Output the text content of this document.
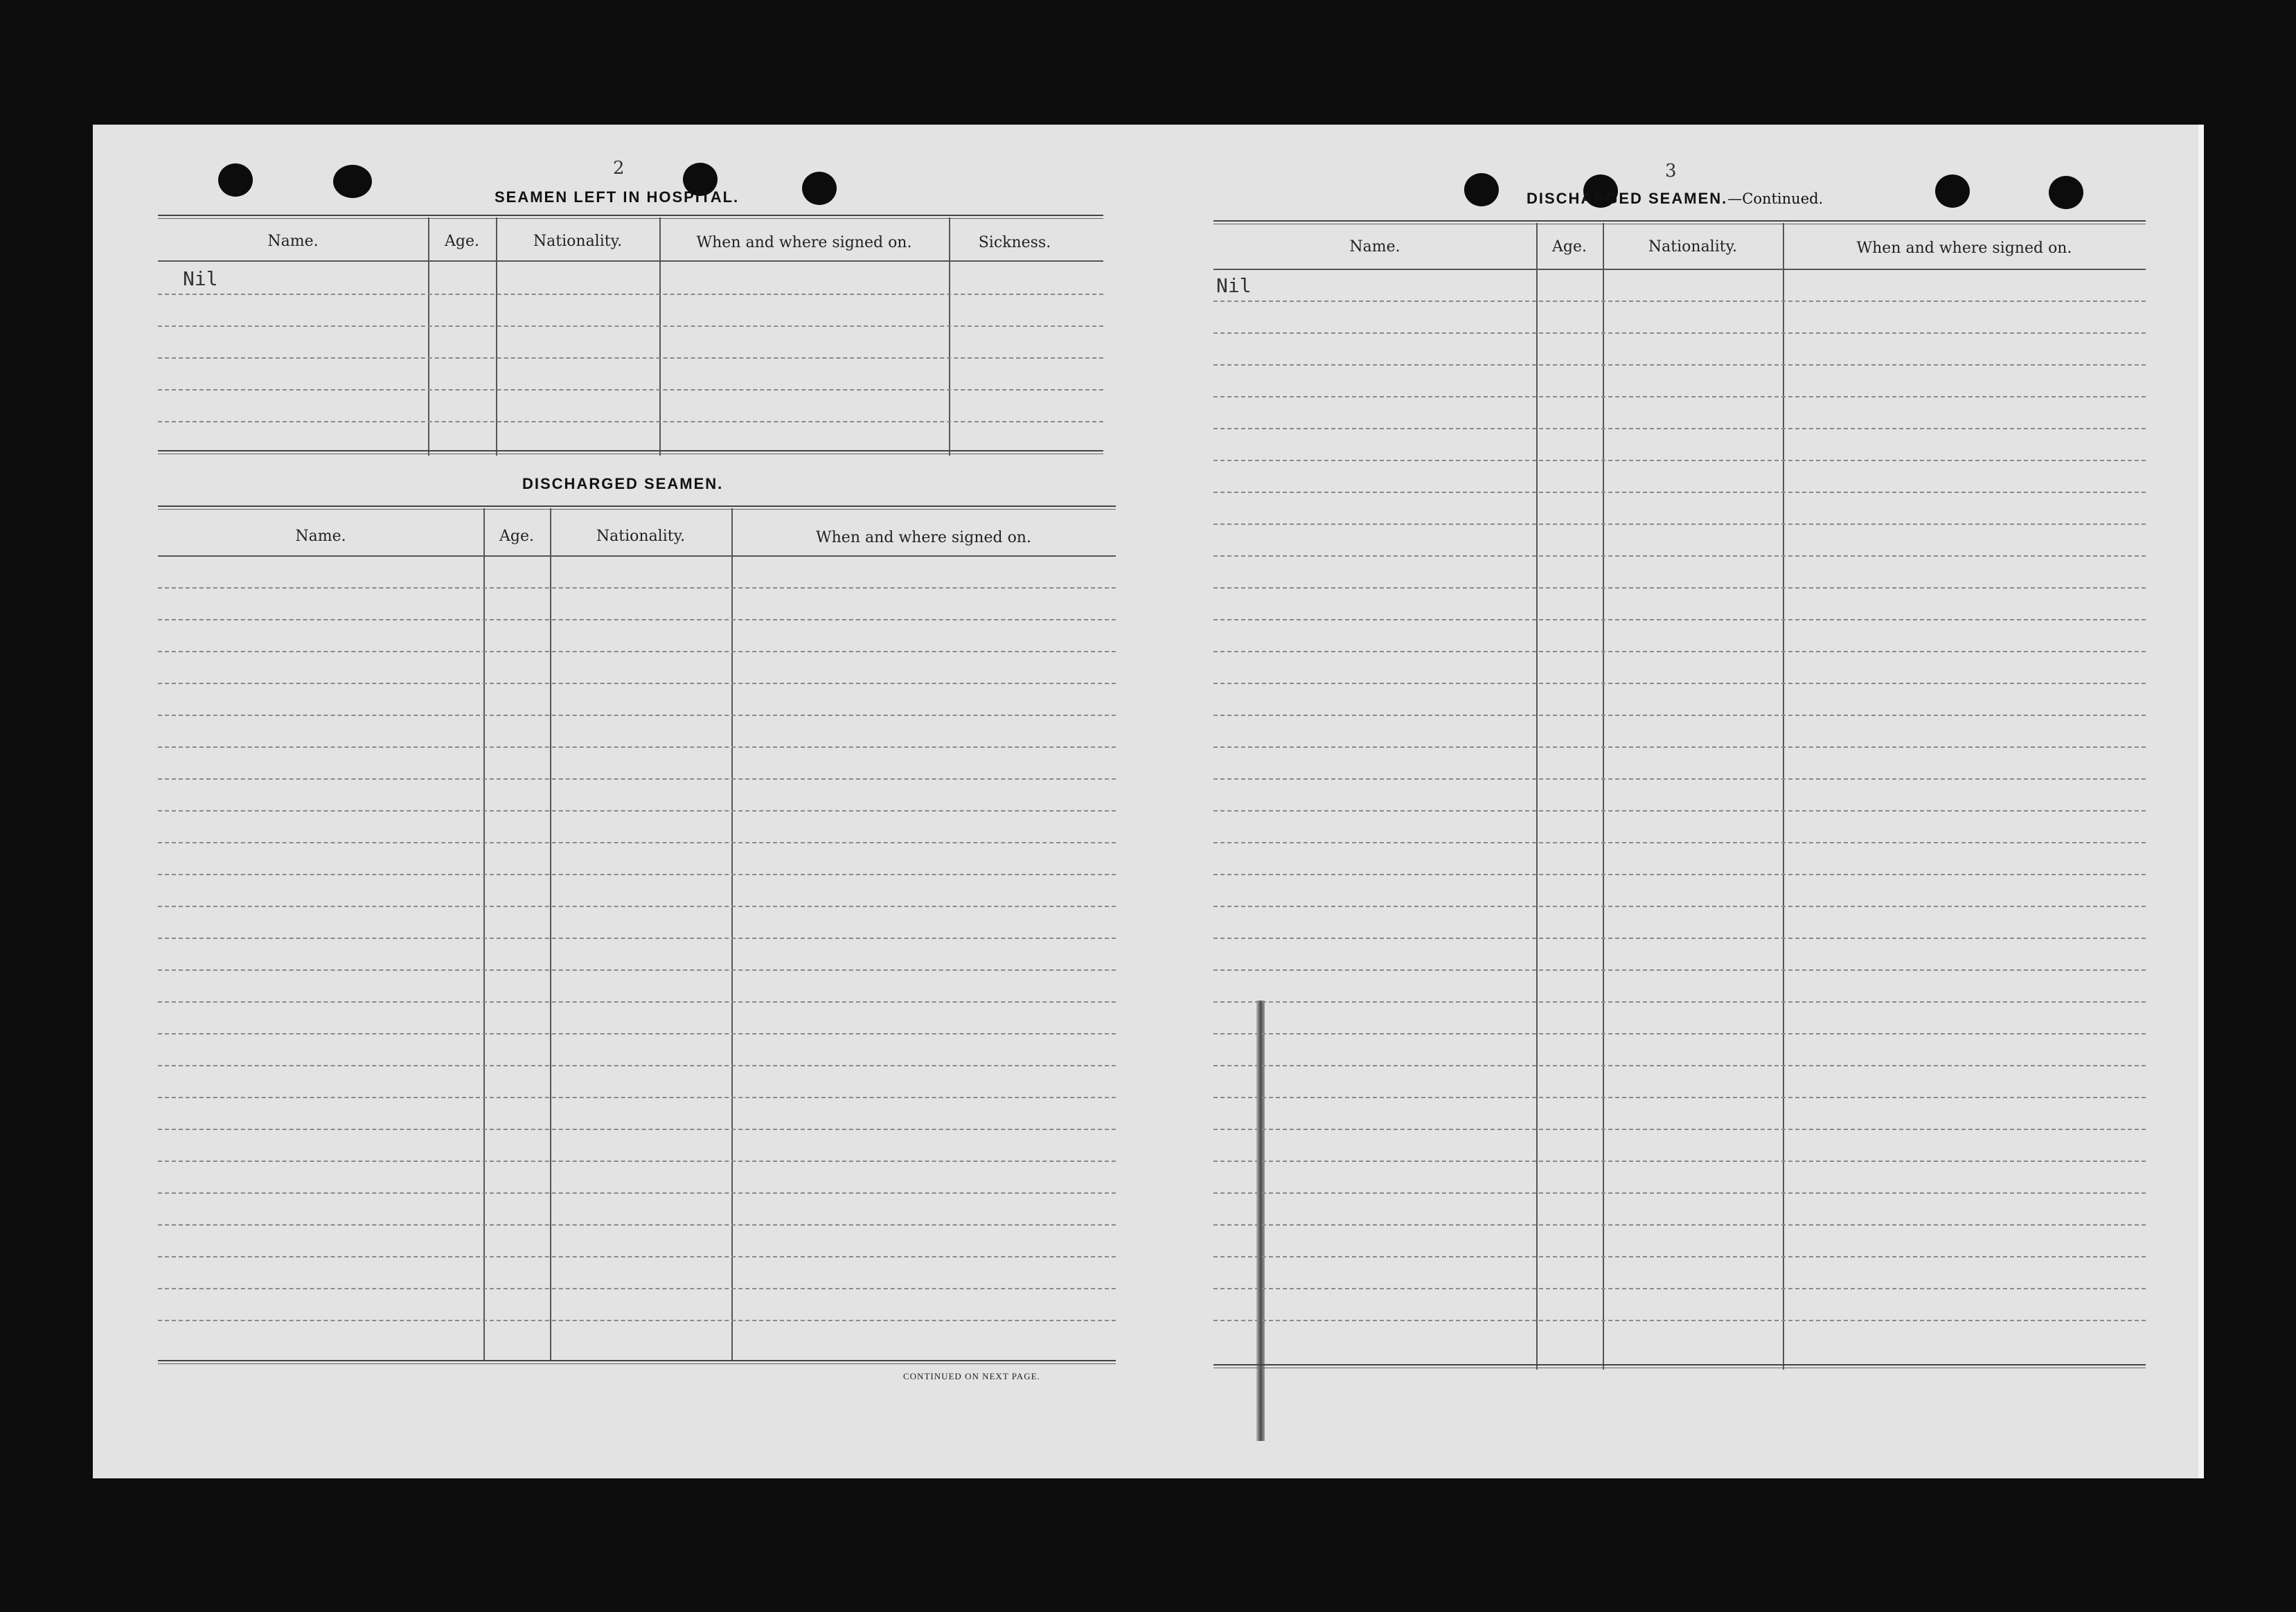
2
SEAMEN LEFT IN HOSPITAL.
Name.	Age.	Nationality.	When and where signed on.	Sickness.
Nil
DISCHARGED SEAMEN.
Name.	Age.	Nationality.	When and where signed on.
CONTINUED ON NEXT PAGE.
3
DISCHARGED SEAMEN.—Continued.
Name.	Age.	Nationality.	When and where signed on.
Nil
